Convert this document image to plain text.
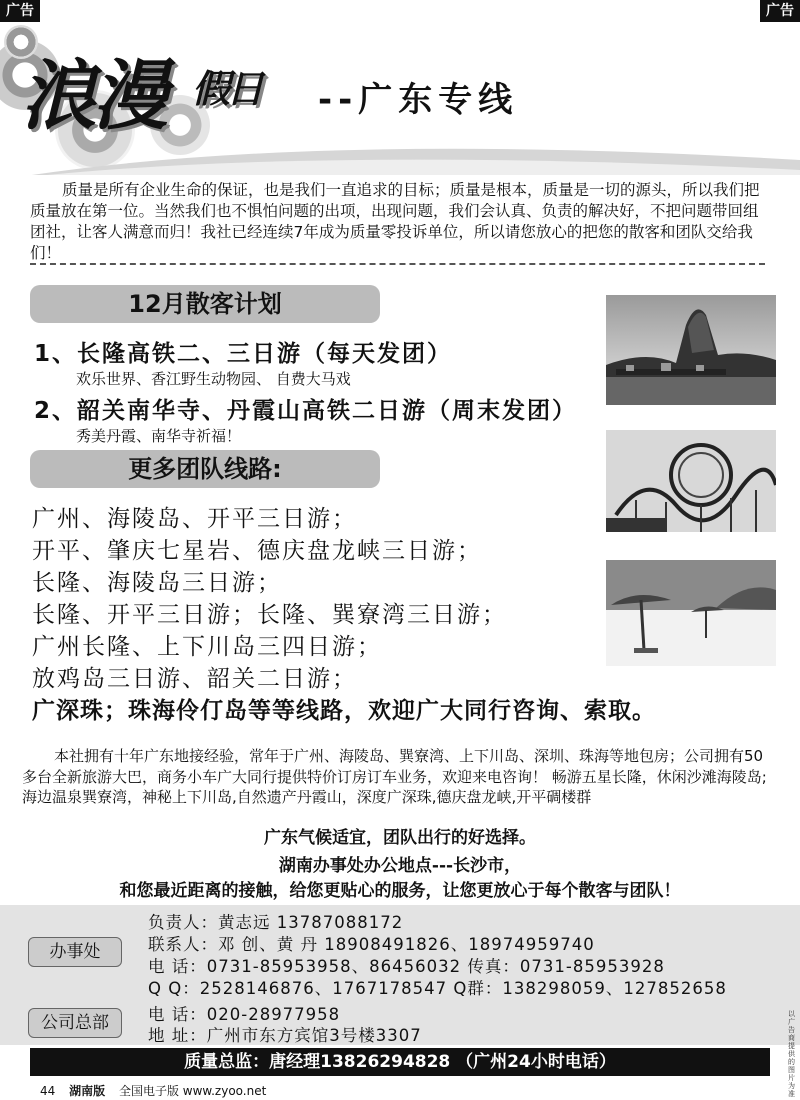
浪漫 假日 --广东专线
广告	广告
质量是所有企业生命的保证，也是我们一直追求的目标；质量是根本，质量是一切的源头，所以我们把质量放在第一位。当然我们也不惧怕问题的出项，出现问题，我们会认真、负责的解决好，不把问题带回组团社，让客人满意而归！我社已经连续7年成为质量零投诉单位，所以请您放心的把您的散客和团队交给我们！
12月散客计划
1、长隆高铁二、三日游（每天发团）
欢乐世界、香江野生动物园、 自费大马戏
2、韶关南华寺、丹霞山高铁二日游（周末发团）
秀美丹霞、南华寺祈福！
更多团队线路:
广州、海陵岛、开平三日游；
开平、肇庆七星岩、德庆盘龙峡三日游；
长隆、海陵岛三日游；
长隆、开平三日游；长隆、巽寮湾三日游；
广州长隆、上下川岛三四日游；
放鸡岛三日游、韶关二日游；
广深珠；珠海伶仃岛等等线路，欢迎广大同行咨询、索取。
本社拥有十年广东地接经验，常年于广州、海陵岛、巽寮湾、上下川岛、深圳、珠海等地包房；公司拥有50多台全新旅游大巴，商务小车广大同行提供特价订房订车业务，欢迎来电咨询！ 畅游五星长隆，休闲沙滩海陵岛;海边温泉巽寮湾，神秘上下川岛,自然遗产丹霞山，深度广深珠,德庆盘龙峡,开平碉楼群
广东气候适宜，团队出行的好选择。
湖南办事处办公地点---长沙市，
和您最近距离的接触，给您更贴心的服务，让您更放心于每个散客与团队！
办事处
负责人：黄志远 13787088172
联系人：邓 创、黄 丹 18908491826、18974959740
电 话：0731-85953958、86456032 传真：0731-85953928
Q Q：2528146876、1767178547 Q群：138298059、127852658
公司总部	电 话：020-28977958
地 址：广州市东方宾馆3号楼3307
质量总监：唐经理13826294828 （广州24小时电话）
44 湖南版 全国电子版 www.zyoo.net
以广告商提供的图片为准
